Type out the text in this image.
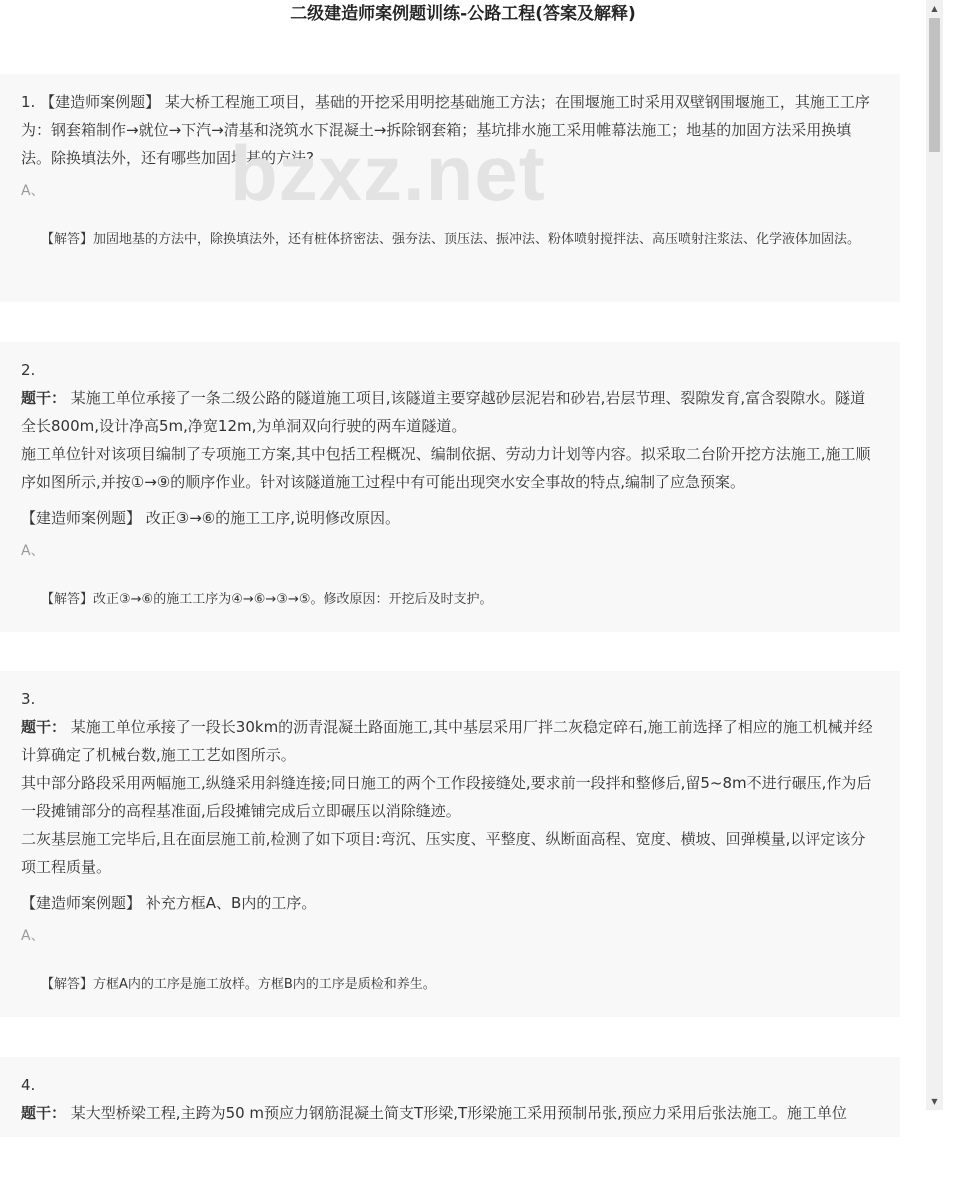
二级建造师案例题训练-公路工程(答案及解释)
1. 【建造师案例题】 某大桥工程施工项目，基础的开挖采用明挖基础施工方法；在围堰施工时采用双壁钢围堰施工，其施工工序为：钢套箱制作→就位→下汽→清基和浇筑水下混凝土→拆除钢套箱；基坑排水施工采用帷幕法施工；地基的加固方法采用换填法。除换填法外，还有哪些加固地基的方法?
A、
【解答】加固地基的方法中，除换填法外，还有桩体挤密法、强夯法、顶压法、振冲法、粉体喷射搅拌法、高压喷射注浆法、化学液体加固法。
bzxz.net
2.
题干： 某施工单位承接了一条二级公路的隧道施工项目,该隧道主要穿越砂层泥岩和砂岩,岩层节理、裂隙发育,富含裂隙水。隧道全长800m,设计净高5m,净宽12m,为单洞双向行驶的两车道隧道。
施工单位针对该项目编制了专项施工方案,其中包括工程概况、编制依据、劳动力计划等内容。拟采取二台阶开挖方法施工,施工顺序如图所示,并按①→⑨的顺序作业。针对该隧道施工过程中有可能出现突水安全事故的特点,编制了应急预案。
【建造师案例题】 改正③→⑥的施工工序,说明修改原因。
A、
【解答】改正③→⑥的施工工序为④→⑥→③→⑤。修改原因：开挖后及时支护。
3.
题干： 某施工单位承接了一段长30km的沥青混凝土路面施工,其中基层采用厂拌二灰稳定碎石,施工前选择了相应的施工机械并经计算确定了机械台数,施工工艺如图所示。
其中部分路段采用两幅施工,纵缝采用斜缝连接;同日施工的两个工作段接缝处,要求前一段拌和整修后,留5~8m不进行碾压,作为后一段摊铺部分的高程基准面,后段摊铺完成后立即碾压以消除缝迹。
二灰基层施工完毕后,且在面层施工前,检测了如下项目:弯沉、压实度、平整度、纵断面高程、宽度、横坡、回弹模量,以评定该分项工程质量。
【建造师案例题】 补充方框A、B内的工序。
A、
【解答】方框A内的工序是施工放样。方框B内的工序是质检和养生。
4.
题干： 某大型桥梁工程,主跨为50 m预应力钢筋混凝土简支T形梁,T形梁施工采用预制吊张,预应力采用后张法施工。施工单位
▲
▼
